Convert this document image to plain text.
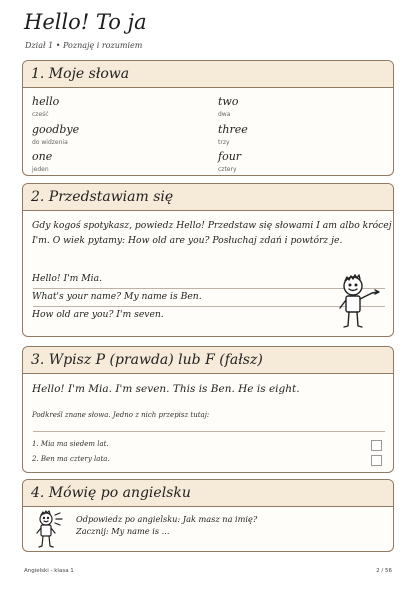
Hello! To ja
Dział 1 • Poznaję i rozumiem
1. Moje słowa
hello
cześć
two
dwa
goodbye
do widzenia
three
trzy
one
jeden
four
cztery
2. Przedstawiam się
Gdy kogoś spotykasz, powiedz Hello! Przedstaw się słowami I am albo krócej
I'm. O wiek pytamy: How old are you? Posłuchaj zdań i powtórz je.
Hello! I'm Mia.
What's your name? My name is Ben.
How old are you? I'm seven.
3. Wpisz P (prawda) lub F (fałsz)
Hello! I'm Mia. I'm seven. This is Ben. He is eight.
Podkreśl znane słowa. Jedno z nich przepisz tutaj:
1. Mia ma siedem lat.
2. Ben ma cztery lata.
4. Mówię po angielsku
Odpowiedz po angielsku: Jak masz na imię?
Zacznij: My name is ...
Angielski - klasa 1	2 / 56
